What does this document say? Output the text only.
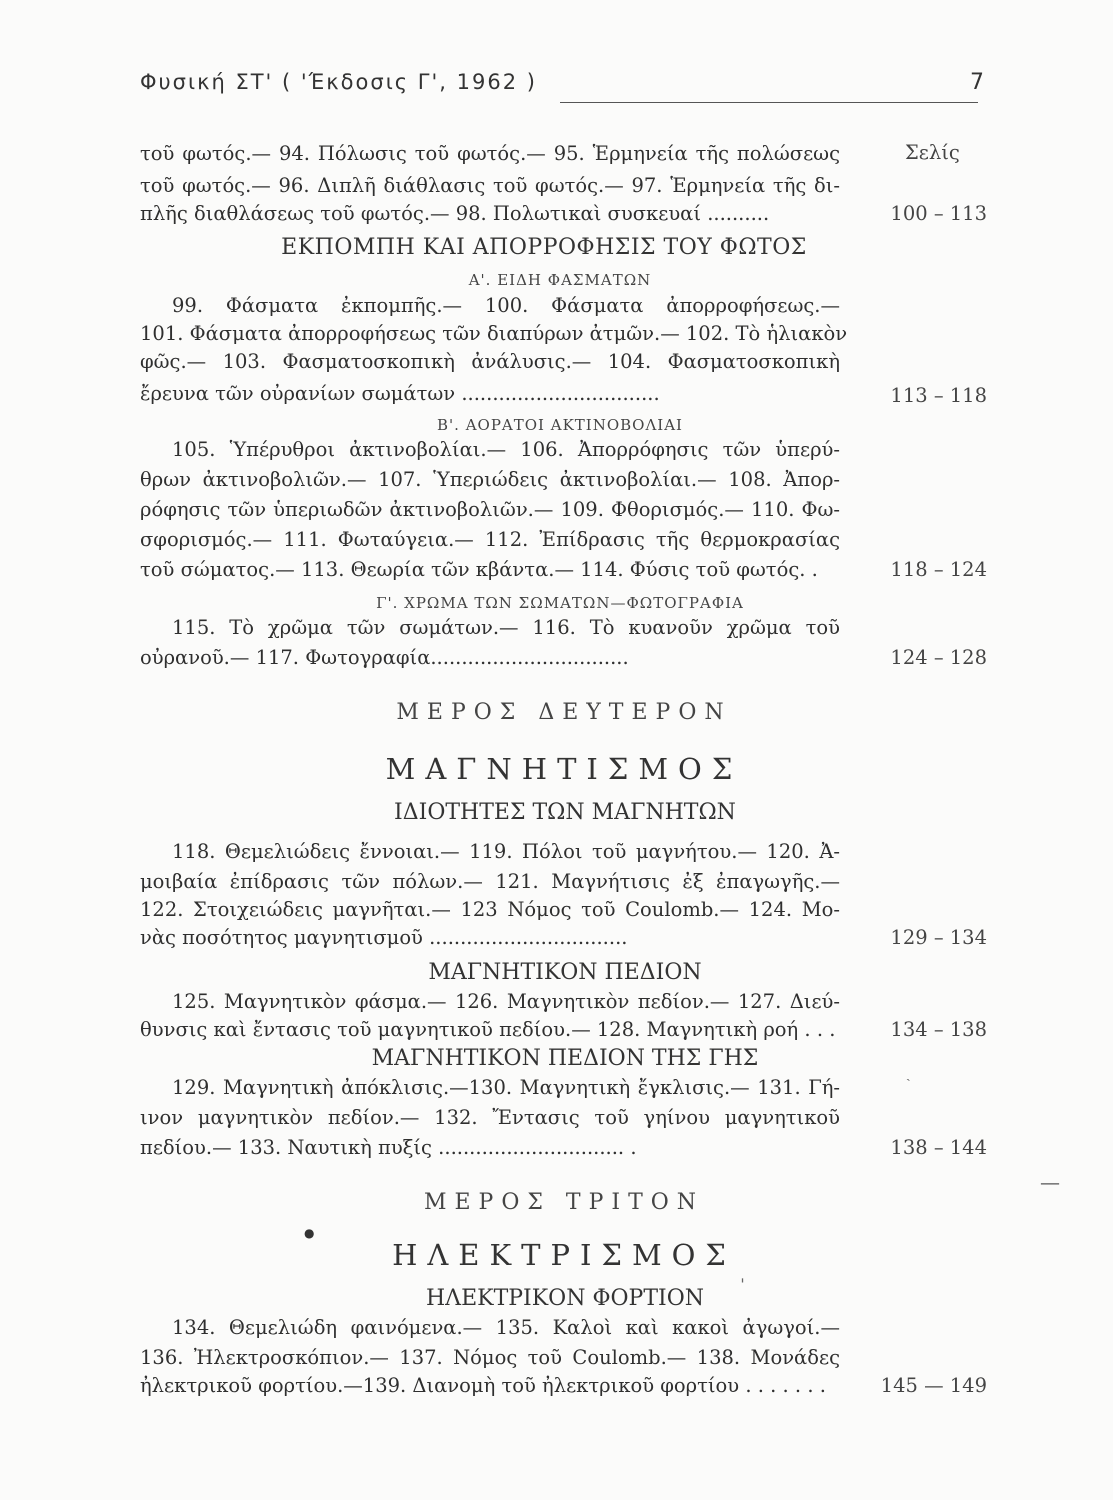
Φυσική ΣΤ' ( 'Έκδοσις Γ', 1962 )	7
Σελίς
τοῦ φωτός.— 94. Πόλωσις τοῦ φωτός.— 95. Ἑρμηνεία τῆς πολώσεως
τοῦ φωτός.— 96. Διπλῆ διάθλασις τοῦ φωτός.— 97. Ἑρμηνεία τῆς δι-
πλῆς διαθλάσεως τοῦ φωτός.— 98. Πολωτικαὶ συσκευαί ..........	100 – 113
ΕΚΠΟΜΠΗ ΚΑΙ ΑΠΟΡΡΟΦΗΣΙΣ ΤΟΥ ΦΩΤΟΣ
Α'. ΕΙΔΗ ΦΑΣΜΑΤΩΝ
99. Φάσματα ἐκπομπῆς.— 100. Φάσματα ἀπορροφήσεως.—
101. Φάσματα ἀπορροφήσεως τῶν διαπύρων ἀτμῶν.— 102. Τὸ ἡλιακὸν
φῶς.— 103. Φασματοσκοπικὴ ἀνάλυσις.— 104. Φασματοσκοπικὴ
ἔρευνα τῶν οὐρανίων σωμάτων ................................	113 – 118
Β'. ΑΟΡΑΤΟΙ ΑΚΤΙΝΟΒΟΛΙΑΙ
105. Ὑπέρυθροι ἀκτινοβολίαι.— 106. Ἀπορρόφησις τῶν ὑπερύ-
θρων ἀκτινοβολιῶν.— 107. Ὑπεριώδεις ἀκτινοβολίαι.— 108. Ἀπορ-
ρόφησις τῶν ὑπεριωδῶν ἀκτινοβολιῶν.— 109. Φθορισμός.— 110. Φω-
σφορισμός.— 111. Φωταύγεια.— 112. Ἐπίδρασις τῆς θερμοκρασίας
τοῦ σώματος.— 113. Θεωρία τῶν κβάντα.— 114. Φύσις τοῦ φωτός. .	118 – 124
Γ'. ΧΡΩΜΑ ΤΩΝ ΣΩΜΑΤΩΝ—ΦΩΤΟΓΡΑΦΙΑ
115. Τὸ χρῶμα τῶν σωμάτων.— 116. Τὸ κυανοῦν χρῶμα τοῦ
οὐρανοῦ.— 117. Φωτογραφία................................	124 – 128
ΜΕΡΟΣ ΔΕΥΤΕΡΟΝ
ΜΑΓΝΗΤΙΣΜΟΣ
ΙΔΙΟΤΗΤΕΣ ΤΩΝ ΜΑΓΝΗΤΩΝ
118. Θεμελιώδεις ἔννοιαι.— 119. Πόλοι τοῦ μαγνήτου.— 120. Ἀ-
μοιβαία ἐπίδρασις τῶν πόλων.— 121. Μαγνήτισις ἐξ ἐπαγωγῆς.—
122. Στοιχειώδεις μαγνῆται.— 123 Νόμος τοῦ Coulomb.— 124. Μο-
νὰς ποσότητος μαγνητισμοῦ ................................	129 – 134
ΜΑΓΝΗΤΙΚΟΝ ΠΕΔΙΟΝ
125. Μαγνητικὸν φάσμα.— 126. Μαγνητικὸν πεδίον.— 127. Διεύ-
θυνσις καὶ ἔντασις τοῦ μαγνητικοῦ πεδίου.— 128. Μαγνητικὴ ροή . . .	134 – 138
ΜΑΓΝΗΤΙΚΟΝ ΠΕΔΙΟΝ ΤΗΣ ΓΗΣ
ˎ
129. Μαγνητικὴ ἀπόκλισις.—130. Μαγνητικὴ ἔγκλισις.— 131. Γή-
ινον μαγνητικὸν πεδίον.— 132. Ἔντασις τοῦ γηίνου μαγνητικοῦ
πεδίου.— 133. Ναυτικὴ πυξίς .............................. .	138 – 144
—
ΜΕΡΟΣ ΤΡΙΤΟΝ
●
ΗΛΕΚΤΡΙΣΜΟΣ
ΗΛΕΚΤΡΙΚΟΝ ΦΟΡΤΙΟΝ	ˈ
134. Θεμελιώδη φαινόμενα.— 135. Καλοὶ καὶ κακοὶ ἀγωγοί.—
136. Ἠλεκτροσκόπιον.— 137. Νόμος τοῦ Coulomb.— 138. Μονάδες
ἠλεκτρικοῦ φορτίου.—139. Διανομὴ τοῦ ἠλεκτρικοῦ φορτίου . . . . . . .	145 — 149
